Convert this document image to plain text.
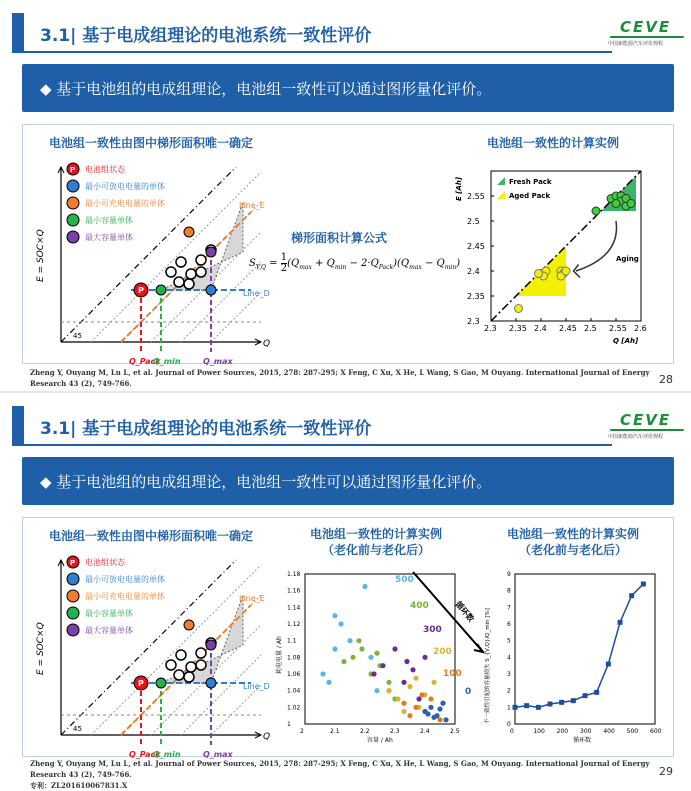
3.1| 基于电成组理论的电池系统一致性评价	CEVE
中国新能源汽车评价规程
◆ 基于电池组的电成组理论，电池组一致性可以通过图形量化评价。
电池组一致性由图中梯形面积唯一确定
Line_E
Line_D
Q_Pack
Q_min	Q_max
Q
E = SOC×Q
45
P
P 电池组状态
最小可放电电量的单体
最小可充电电量的单体
最小容量单体
最大容量单体	梯形面积计算公式
$S_{V,Q} = \frac{1}{2} (Q_{max} + Q_{min} - 2\cdot Q_{Pack})(Q_{max} - Q_{min})$
电池组一致性的计算实例
2.3 2.35 2.4 2.45 2.5 2.55 2.6
2.3
2.35
2.4
2.45
2.5
2.55
Q [Ah]
E [Ah]	Fresh Pack
Aged Pack
Aging
Zheng Y, Ouyang M, Lu L, et al. Journal of Power Sources, 2015, 278: 287-295; X Feng, C Xu, X He, L Wang, S Gao, M Ouyang. International Journal of Energy Research 43 (2), 749-766.	28
3.1| 基于电成组理论的电池系统一致性评价	CEVE
中国新能源汽车评价规程
◆ 基于电池组的电成组理论，电池组一致性可以通过图形量化评价。
电池组一致性由图中梯形面积唯一确定
Line_E
Line_D
Q_Pack
Q_min	Q_max
Q
E = SOC×Q
45
P
P 电池组状态
最小可放电电量的单体
最小可充电电量的单体
最小容量单体
最大容量单体
电池组一致性的计算实例
（老化前与老化后）
2	2.1	2.2	2.3	2.4	2.5
1
1.02
1.04
1.06
1.08
1.1
1.12
1.14
1.16
1.18
容量 / Ah
耗电电量 / Ah
500
400
300
200
100
0
循环数
电池组一致性的计算实例
（老化前与老化后）
0	100 200 300 400 500 600
0
1
2
3
4
5
6
7
8
9
循环数
不一致性引起的容量损失 S_{V,Q}/Q_min [%]
Zheng Y, Ouyang M, Lu L, et al. Journal of Power Sources, 2015, 278: 287-295; X Feng, C Xu, X He, L Wang, S Gao, M Ouyang. International Journal of Energy Research 43 (2), 749-766.
专利：ZL201610067831.X
29
